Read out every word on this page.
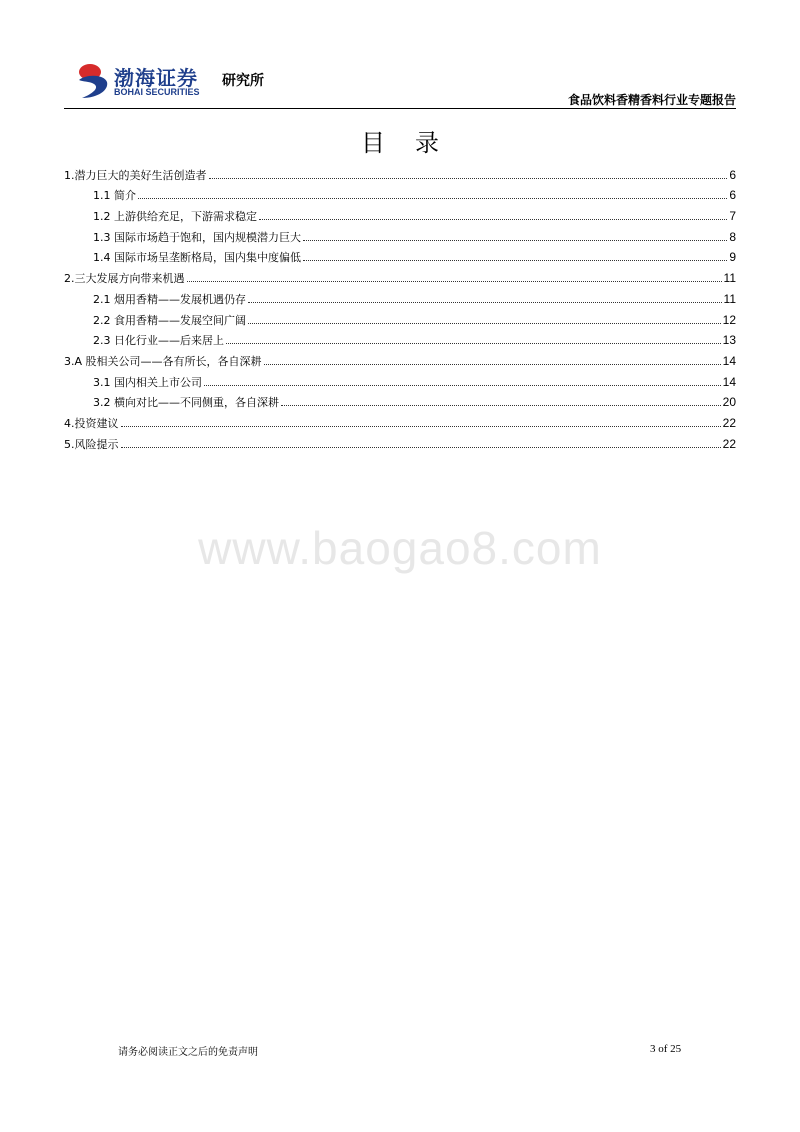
渤海证券
BOHAI SECURITIES
研究所
食品饮料香精香料行业专题报告
目录
1.潜力巨大的美好生活创造者	6
1.1 简介	6
1.2 上游供给充足，下游需求稳定	7
1.3 国际市场趋于饱和，国内规模潜力巨大	8
1.4 国际市场呈垄断格局，国内集中度偏低	9
2.三大发展方向带来机遇	11
2.1 烟用香精——发展机遇仍存	11
2.2 食用香精——发展空间广阔	12
2.3 日化行业——后来居上	13
3.A 股相关公司——各有所长，各自深耕	14
3.1 国内相关上市公司	14
3.2 横向对比——不同侧重，各自深耕	20
4.投资建议	22
5.风险提示	22
www.baogao8.com
请务必阅读正文之后的免责声明	3 of 25
